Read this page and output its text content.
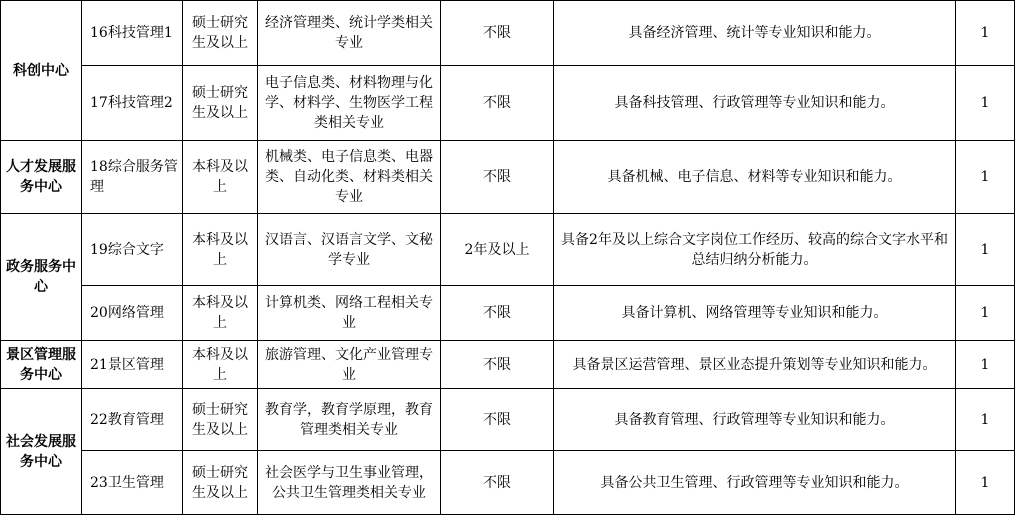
科创中心	16科技管理1	硕士研究生及以上	经济管理类、统计学类相关专业	不限	具备经济管理、统计等专业知识和能力。	1
	17科技管理2	硕士研究生及以上	电子信息类、材料物理与化学、材料学、生物医学工程类相关专业	不限	具备科技管理、行政管理等专业知识和能力。	1
人才发展服务中心	18综合服务管理	本科及以上	机械类、电子信息类、电器类、自动化类、材料类相关专业	不限	具备机械、电子信息、材料等专业知识和能力。	1
政务服务中心	19综合文字	本科及以上	汉语言、汉语言文学、文秘学专业	2年及以上	具备2年及以上综合文字岗位工作经历、较高的综合文字水平和总结归纳分析能力。	1
	20网络管理	本科及以上	计算机类、网络工程相关专业	不限	具备计算机、网络管理等专业知识和能力。	1
景区管理服务中心	21景区管理	本科及以上	旅游管理、文化产业管理专业	不限	具备景区运营管理、景区业态提升策划等专业知识和能力。	1
社会发展服务中心	22教育管理	硕士研究生及以上	教育学，教育学原理，教育管理类相关专业	不限	具备教育管理、行政管理等专业知识和能力。	1
	23卫生管理	硕士研究生及以上	社会医学与卫生事业管理，公共卫生管理类相关专业	不限	具备公共卫生管理、行政管理等专业知识和能力。	1
